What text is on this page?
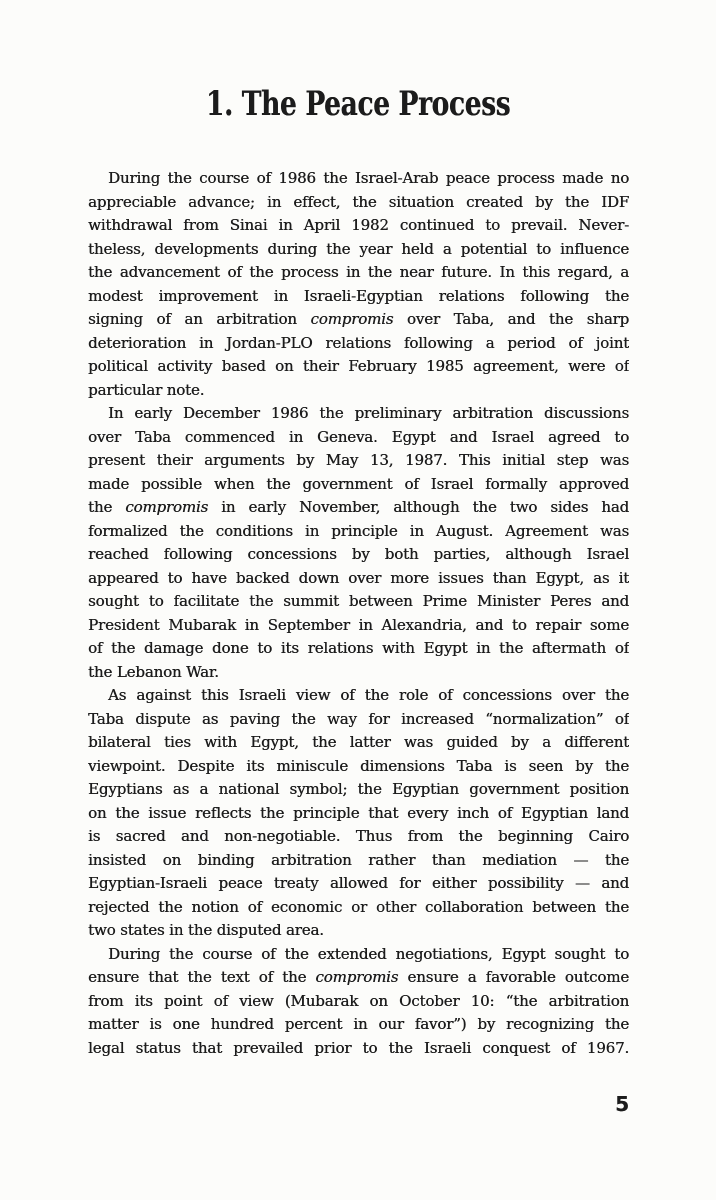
1. The Peace Process
During the course of 1986 the Israel-Arab peace process made no
appreciable advance; in effect, the situation created by the IDF
withdrawal from Sinai in April 1982 continued to prevail. Never-
theless, developments during the year held a potential to influence
the advancement of the process in the near future. In this regard, a
modest improvement in Israeli-Egyptian relations following the
signing of an arbitration compromis over Taba, and the sharp
deterioration in Jordan-PLO relations following a period of joint
political activity based on their February 1985 agreement, were of
particular note.
In early December 1986 the preliminary arbitration discussions
over Taba commenced in Geneva. Egypt and Israel agreed to
present their arguments by May 13, 1987. This initial step was
made possible when the government of Israel formally approved
the compromis in early November, although the two sides had
formalized the conditions in principle in August. Agreement was
reached following concessions by both parties, although Israel
appeared to have backed down over more issues than Egypt, as it
sought to facilitate the summit between Prime Minister Peres and
President Mubarak in September in Alexandria, and to repair some
of the damage done to its relations with Egypt in the aftermath of
the Lebanon War.
As against this Israeli view of the role of concessions over the
Taba dispute as paving the way for increased “normalization” of
bilateral ties with Egypt, the latter was guided by a different
viewpoint. Despite its miniscule dimensions Taba is seen by the
Egyptians as a national symbol; the Egyptian government position
on the issue reflects the principle that every inch of Egyptian land
is sacred and non-negotiable. Thus from the beginning Cairo
insisted on binding arbitration rather than mediation — the
Egyptian-Israeli peace treaty allowed for either possibility — and
rejected the notion of economic or other collaboration between the
two states in the disputed area.
During the course of the extended negotiations, Egypt sought to
ensure that the text of the compromis ensure a favorable outcome
from its point of view (Mubarak on October 10: “the arbitration
matter is one hundred percent in our favor”) by recognizing the
legal status that prevailed prior to the Israeli conquest of 1967.
5
